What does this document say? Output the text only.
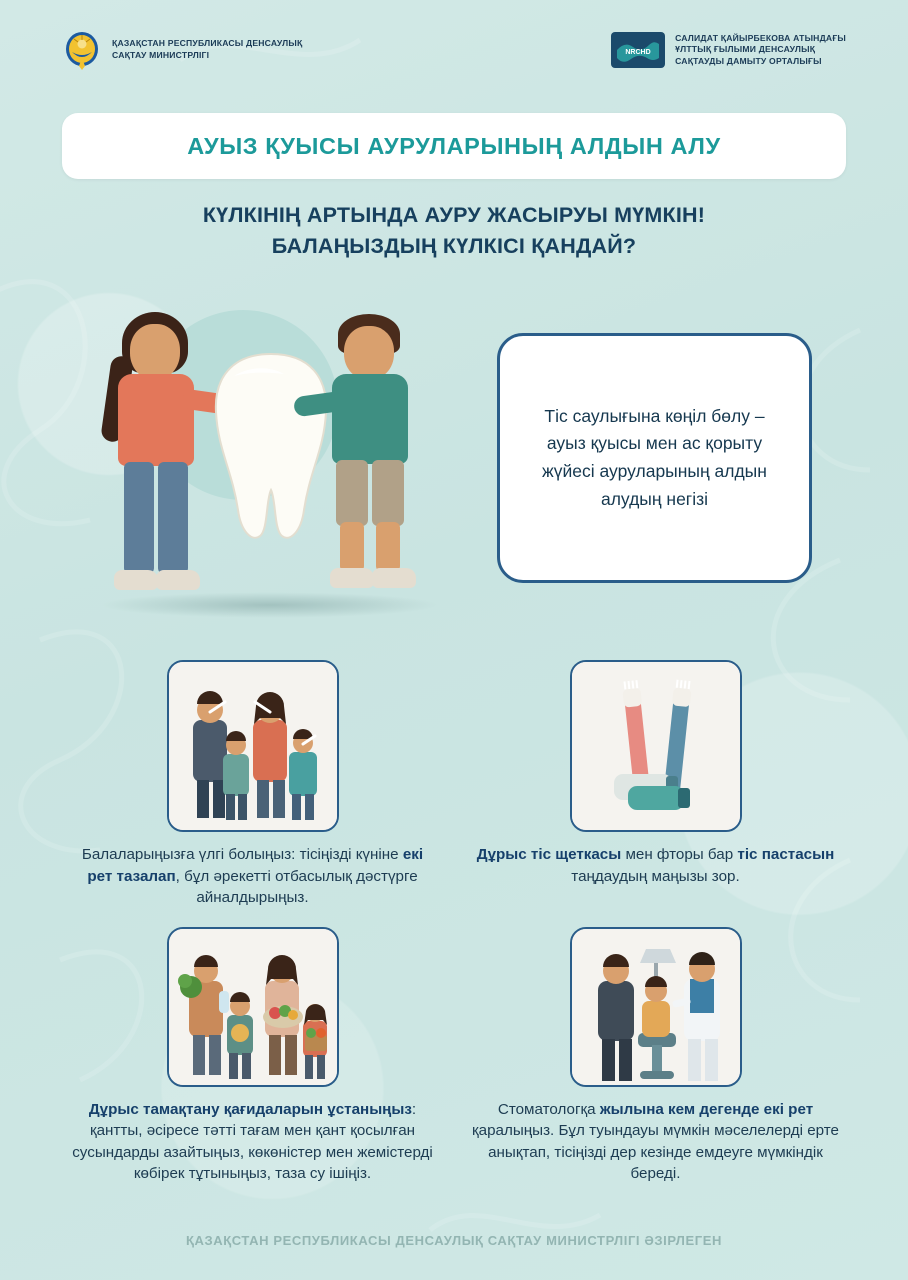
ҚАЗАҚСТАН РЕСПУБЛИКАСЫ ДЕНСАУЛЫҚ
САҚТАУ МИНИСТРЛІГІ	NRCHD
САЛИДАТ ҚАЙЫРБЕКОВА АТЫНДАҒЫ
ҰЛТТЫҚ ҒЫЛЫМИ ДЕНСАУЛЫҚ
САҚТАУДЫ ДАМЫТУ ОРТАЛЫҒЫ
АУЫЗ ҚУЫСЫ АУРУЛАРЫНЫҢ АЛДЫН АЛУ
КҮЛКІНІҢ АРТЫНДА АУРУ ЖАСЫРУЫ МҮМКІН!
БАЛАҢЫЗДЫҢ КҮЛКІСІ ҚАНДАЙ?

Тіс саулығына көңіл бөлу – ауыз қуысы мен ас қорыту жүйесі ауруларының алдын алудың негізі

Балаларыңызға үлгі болыңыз: тісіңізді күніне екі рет тазалап, бұл әрекетті отбасылық дәстүрге айналдырыңыз.
Дұрыс тіс щеткасы мен фторы бар тіс пастасын таңдаудың маңызы зор.
Дұрыс тамақтану қағидаларын ұстаныңыз: қантты, әсіресе тәтті тағам мен қант қосылған сусындарды азайтыңыз, көкөністер мен жемістерді көбірек тұтыныңыз, таза су ішіңіз.
Стоматологқа жылына кем дегенде екі рет қаралыңыз. Бұл туындауы мүмкін мәселелерді ерте анықтап, тісіңізді дер кезінде емдеуге мүмкіндік береді.
ҚАЗАҚСТАН РЕСПУБЛИКАСЫ ДЕНСАУЛЫҚ САҚТАУ МИНИСТРЛІГІ ӘЗІРЛЕГЕН
